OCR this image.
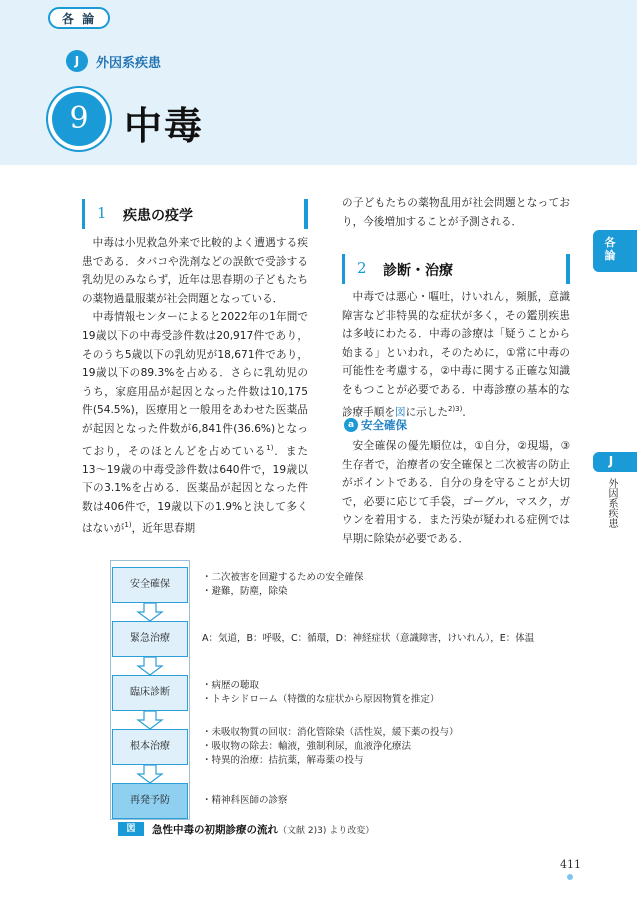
各 論
J	外因系疾患
9 中毒
各論
J
外因系疾患
1 疾患の疫学

中毒は小児救急外来で比較的よく遭遇する疾患である．タバコや洗剤などの誤飲で受診する乳幼児のみならず，近年は思春期の子どもたちの薬物過量服薬が社会問題となっている．

中毒情報センターによると2022年の1年間で19歳以下の中毒受診件数は20,917件であり，そのうち5歳以下の乳幼児が18,671件であり，19歳以下の89.3%を占める．さらに乳幼児のうち，家庭用品が起因となった件数は10,175件(54.5%)，医療用と一般用をあわせた医薬品が起因となった件数が6,841件(36.6%)となっており，そのほとんどを占めている$^{1)}$．また13〜19歳の中毒受診件数は640件で，19歳以下の3.1%を占める．医薬品が起因となった件数は406件で，19歳以下の1.9%と決して多くはないが$^{1)}$，近年思春期

の子どもたちの薬物乱用が社会問題となっており，今後増加することが予測される．

2 診断・治療

中毒では悪心・嘔吐，けいれん，頻脈，意識障害など非特異的な症状が多く，その鑑別疾患は多岐にわたる．中毒の診療は「疑うことから始まる」といわれ，そのために，①常に中毒の可能性を考慮する，②中毒に関する正確な知識をもつことが必要である．中毒診療の基本的な診療手順を図に示した$^{2)3)}$．

a 安全確保

安全確保の優先順位は，①自分，②現場，③生存者で，治療者の安全確保と二次被害の防止がポイントである．自分の身を守ることが大切で，必要に応じて手袋，ゴーグル，マスク，ガウンを着用する．また汚染が疑われる症例では早期に除染が必要である．

安全確保
緊急治療
臨床診断
根本治療
再発予防
・二次被害を回避するための安全確保
・避難，防塵，除染
A：気道，B：呼吸，C：循環，D：神経症状（意識障害，けいれん），E：体温
・病歴の聴取
・トキシドローム（特徴的な症状から原因物質を推定）
・未吸収物質の回収：消化管除染（活性炭，緩下薬の投与）
・吸収物の除去：輸液，強制利尿，血液浄化療法
・特異的治療：拮抗薬，解毒薬の投与
・精神科医師の診察
図	急性中毒の初期診療の流れ（文献 2)3) より改変）
411
